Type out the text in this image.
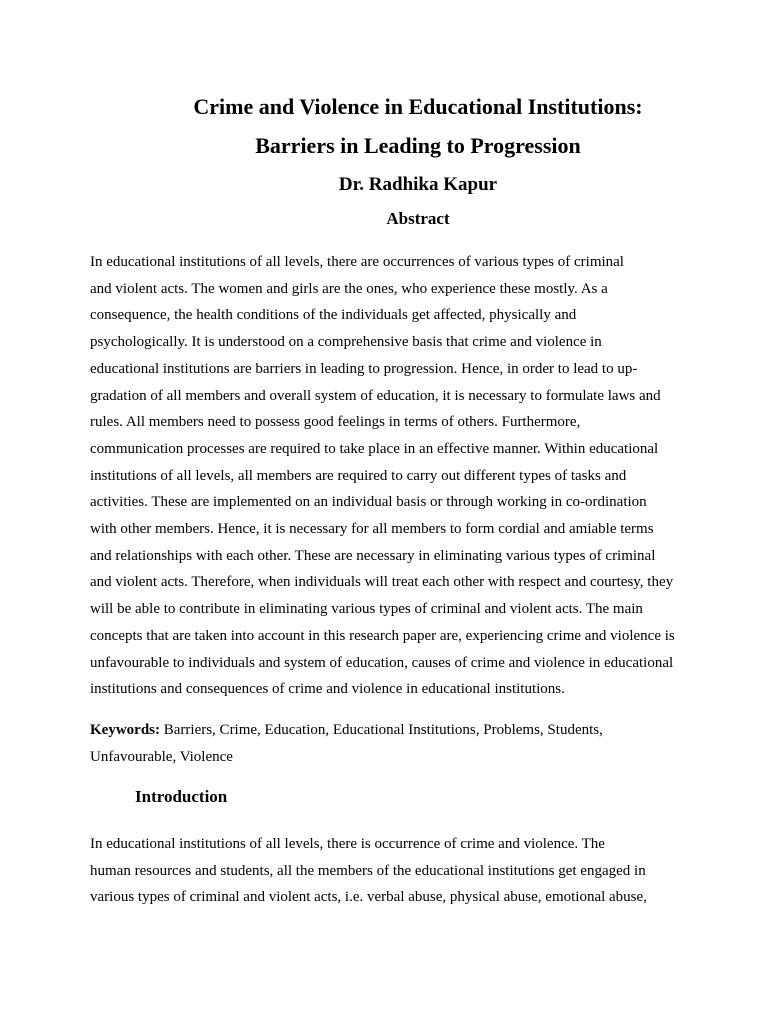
Crime and Violence in Educational Institutions:
Barriers in Leading to Progression
Dr. Radhika Kapur
Abstract
In educational institutions of all levels, there are occurrences of various types of criminal
and violent acts. The women and girls are the ones, who experience these mostly. As a
consequence, the health conditions of the individuals get affected, physically and
psychologically. It is understood on a comprehensive basis that crime and violence in
educational institutions are barriers in leading to progression. Hence, in order to lead to up-
gradation of all members and overall system of education, it is necessary to formulate laws and
rules. All members need to possess good feelings in terms of others. Furthermore,
communication processes are required to take place in an effective manner. Within educational
institutions of all levels, all members are required to carry out different types of tasks and
activities. These are implemented on an individual basis or through working in co-ordination
with other members. Hence, it is necessary for all members to form cordial and amiable terms
and relationships with each other. These are necessary in eliminating various types of criminal
and violent acts. Therefore, when individuals will treat each other with respect and courtesy, they
will be able to contribute in eliminating various types of criminal and violent acts. The main
concepts that are taken into account in this research paper are, experiencing crime and violence is
unfavourable to individuals and system of education, causes of crime and violence in educational
institutions and consequences of crime and violence in educational institutions.
Keywords: Barriers, Crime, Education, Educational Institutions, Problems, Students,
Unfavourable, Violence
Introduction
In educational institutions of all levels, there is occurrence of crime and violence. The
human resources and students, all the members of the educational institutions get engaged in
various types of criminal and violent acts, i.e. verbal abuse, physical abuse, emotional abuse,
